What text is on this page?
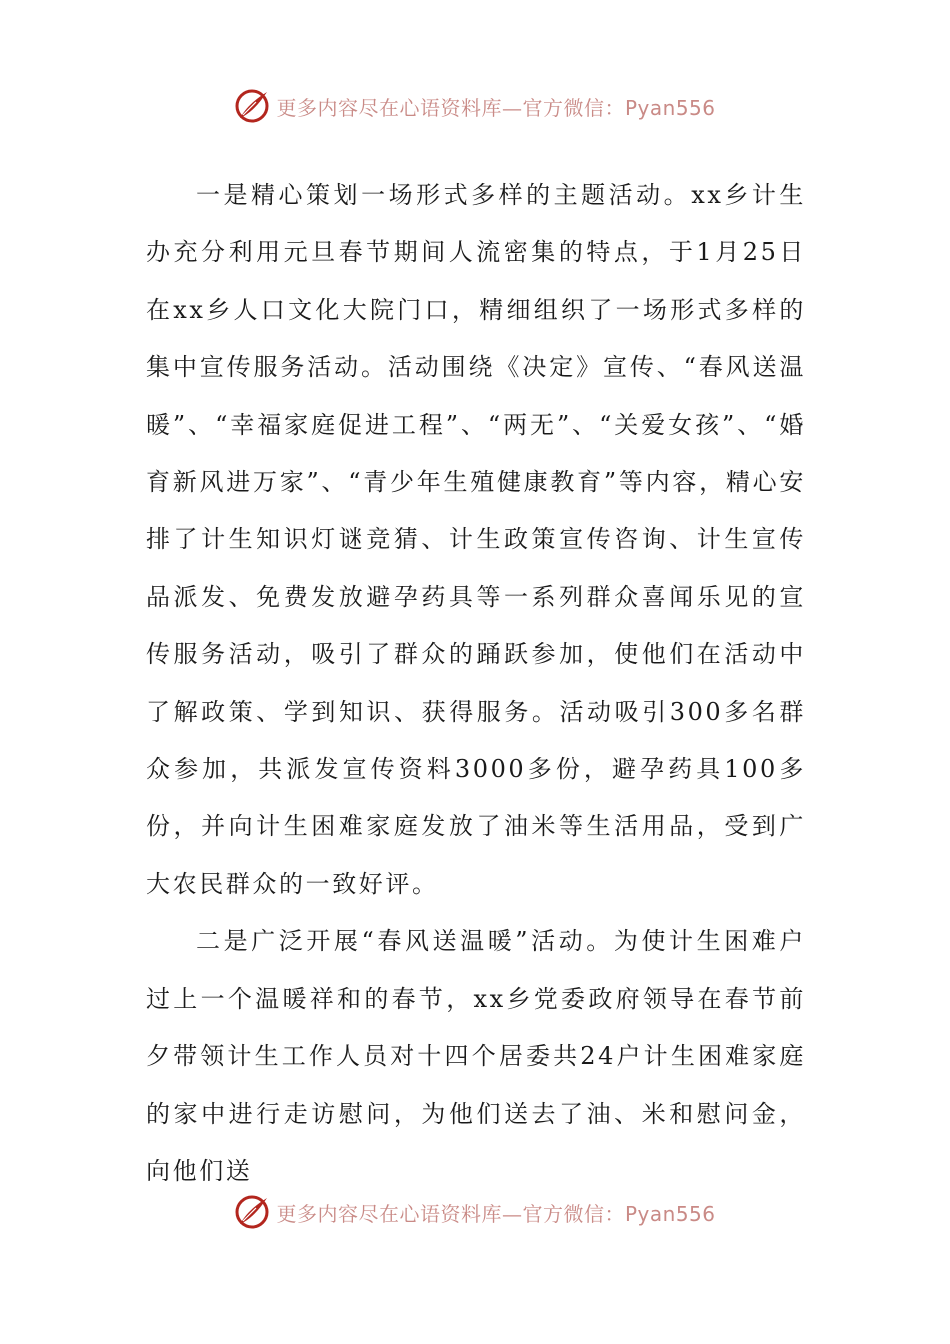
更多内容尽在心语资料库—官方微信：Pyan556

一是精心策划一场形式多样的主题活动。xx乡计生办充分利用元旦春节期间人流密集的特点，于1月25日在xx乡人口文化大院门口，精细组织了一场形式多样的集中宣传服务活动。活动围绕《决定》宣传、“春风送温暖”、“幸福家庭促进工程”、“两无”、“关爱女孩”、“婚育新风进万家”、“青少年生殖健康教育”等内容，精心安排了计生知识灯谜竞猜、计生政策宣传咨询、计生宣传品派发、免费发放避孕药具等一系列群众喜闻乐见的宣传服务活动，吸引了群众的踊跃参加，使他们在活动中了解政策、学到知识、获得服务。活动吸引300多名群众参加，共派发宣传资料3000多份，避孕药具100多份，并向计生困难家庭发放了油米等生活用品，受到广大农民群众的一致好评。

二是广泛开展“春风送温暖”活动。为使计生困难户过上一个温暖祥和的春节，xx乡党委政府领导在春节前夕带领计生工作人员对十四个居委共24户计生困难家庭的家中进行走访慰问，为他们送去了油、米和慰问金，向他们送

更多内容尽在心语资料库—官方微信：Pyan556
